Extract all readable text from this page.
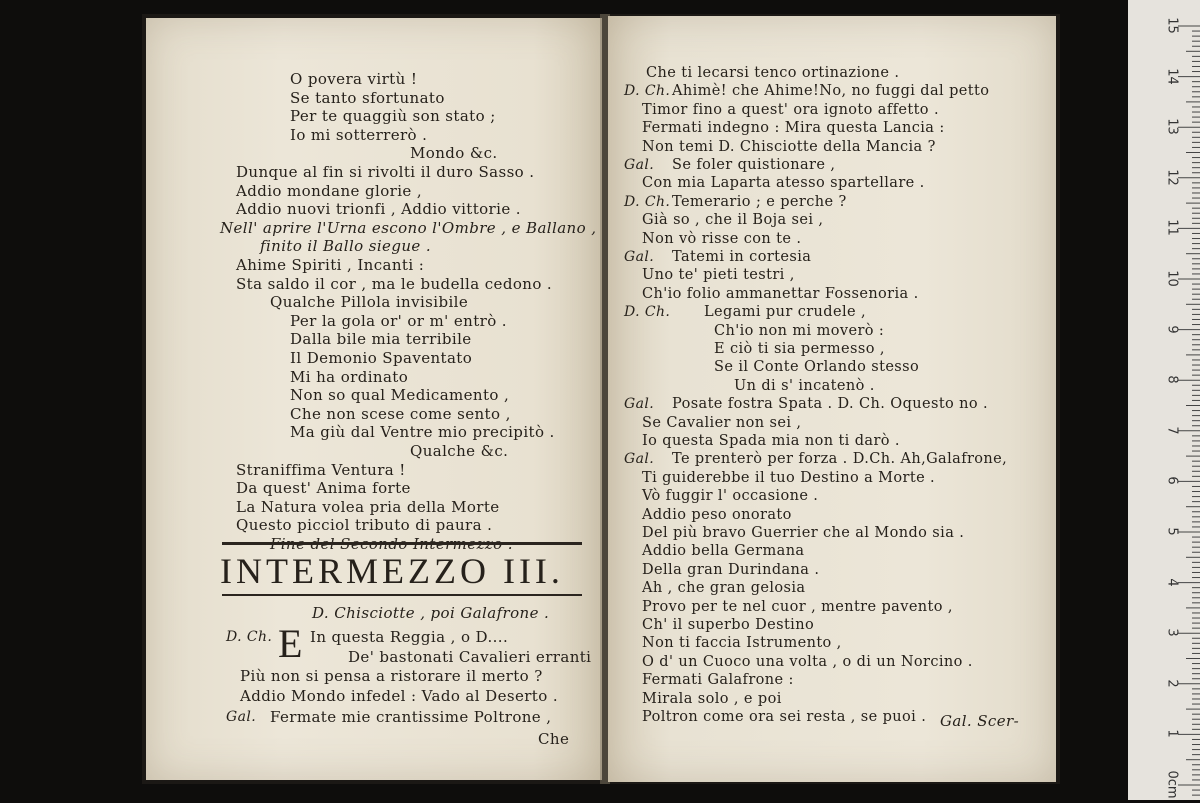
O povera virtù !
Se tanto sfortunato
Per te quaggiù son stato ;
Io mi sotterrerò .
Mondo &c.
Dunque al fin si rivolti il duro Sasso .
Addio mondane glorie ,
Addio nuovi trionfi , Addio vittorie .
Nell' aprire l'Urna escono l'Ombre , e Ballano ,
finito il Ballo siegue .
Ahime Spiriti , Incanti :
Sta saldo il cor , ma le budella cedono .
Qualche Pillola invisibile
Per la gola or' or m' entrò .
Dalla bile mia terribile
Il Demonio Spaventato
Mi ha ordinato
Non so qual Medicamento ,
Che non scese come sento ,
Ma giù dal Ventre mio precipitò .
Qualche &c.
Straniffima Ventura !
Da quest' Anima forte
La Natura volea pria della Morte
Questo picciol tributo di paura .
INTERMEZZO III.
D. Chisciotte , poi Galafrone .
D. Ch. E In questa Reggia , o D....
De' bastonati Cavalieri erranti
Più non si pensa a ristorare il merto ?
Addio Mondo infedel : Vado al Deserto .
Gal. Fermate mie crantissime Poltrone ,
Che
Che ti lecarsi tenco ortinazione .
D. Ch. Ahimè! che Ahime!No, no fuggi dal petto
Timor fino a quest' ora ignoto affetto .
Fermati indegno : Mira questa Lancia :
Non temi D. Chisciotte della Mancia ?
Gal. Se foler quistionare ,
Con mia Laparta atesso spartellare .
D. Ch. Temerario ; e perche ?
Già so , che il Boja sei ,
Non vò risse con te .
Gal. Tatemi in cortesia
Uno te' pieti testri ,
Ch'io folio ammanettar Fossenoria .
D. Ch. Legami pur crudele ,
Ch'io non mi moverò :
E ciò ti sia permesso ,
Se il Conte Orlando stesso
Un di s' incatenò .
Gal. Posate fostra Spata . D. Ch. Oquesto no .
Se Cavalier non sei ,
Io questa Spada mia non ti darò .
Gal. Te prenterò per forza . D.Ch. Ah,Galafrone,
Ti guiderebbe il tuo Destino a Morte .
Vò fuggir l' occasione .
Addio peso onorato
Del più bravo Guerrier che al Mondo sia .
Addio bella Germana
Della gran Durindana .
Ah , che gran gelosia
Provo per te nel cuor , mentre pavento ,
Ch' il superbo Destino
Non ti faccia Istrumento ,
O d' un Cuoco una volta , o di un Norcino .
Fermati Galafrone :
Mirala solo , e poi
Poltron come ora sei resta , se puoi . Gal. Scer-
15
14
13
12
11
10
9
8
7
6
5
4
3
2
1
0cm
